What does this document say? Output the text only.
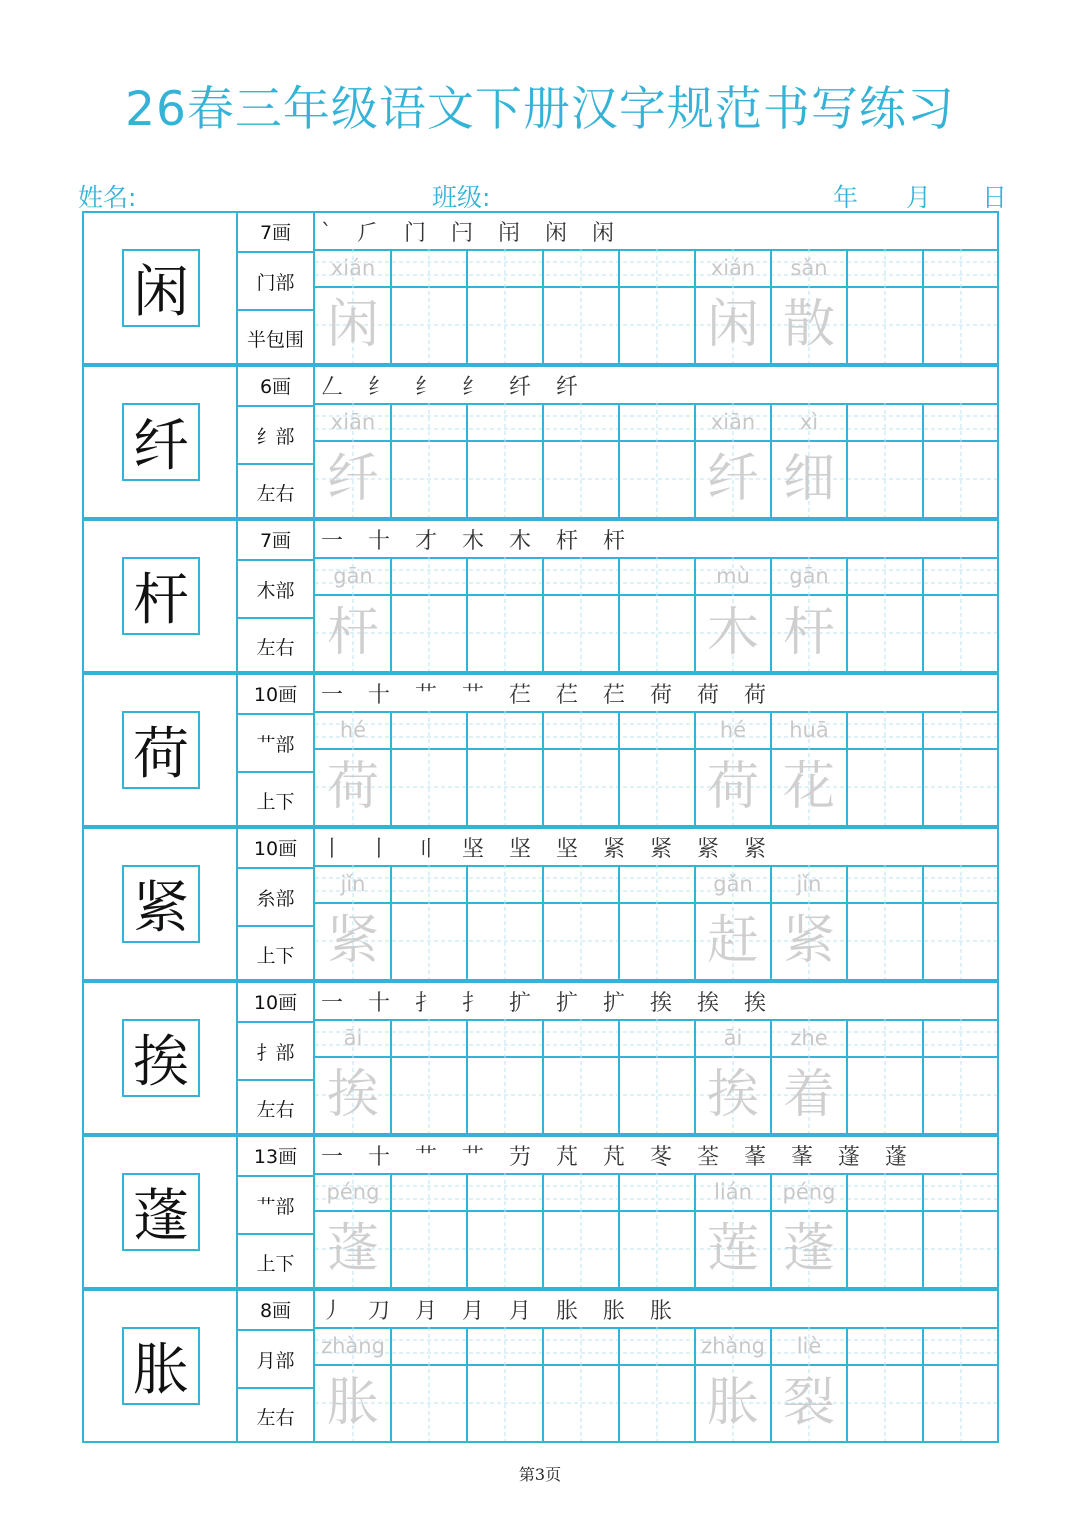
26春三年级语文下册汉字规范书写练习
姓名:	班级:	年 月 日
闲
7画
门部
半包围
` ⺁ 门 闩 闬 闲 闲
xián
闲
xián
闲
sǎn
散
纤
6画
纟部
左右
𠃋 纟 纟 纟 纤 纤
xiān
纤
xiān
纤
xì
细
杆
7画
木部
左右
一 十 才 木 木 杆 杆
gān
杆
mù
木
gān
杆
荷
10画
艹部
上下
一 十 艹 艹 芢 芢 芢 荷 荷 荷
hé
荷
hé
荷
huā
花
紧
10画
糸部
上下
丨 丨 〢 坚 坚 坚 紧 紧 紧 紧
jǐn
紧
gǎn
赶
jǐn
紧
挨
10画
扌部
左右
一 十 扌 扌 扩 扩 扩 挨 挨 挨
āi
挨
āi
挨
zhe
着
蓬
13画
艹部
上下
一 十 艹 艹 芀 芃 芃 苳 荃 莑 莑 蓬 蓬
péng
蓬
lián
莲
péng
蓬
胀
8画
月部
左右
丿 刀 月 月 月 胀 胀 胀
zhàng
胀
zhàng
胀
liè
裂
第3页
